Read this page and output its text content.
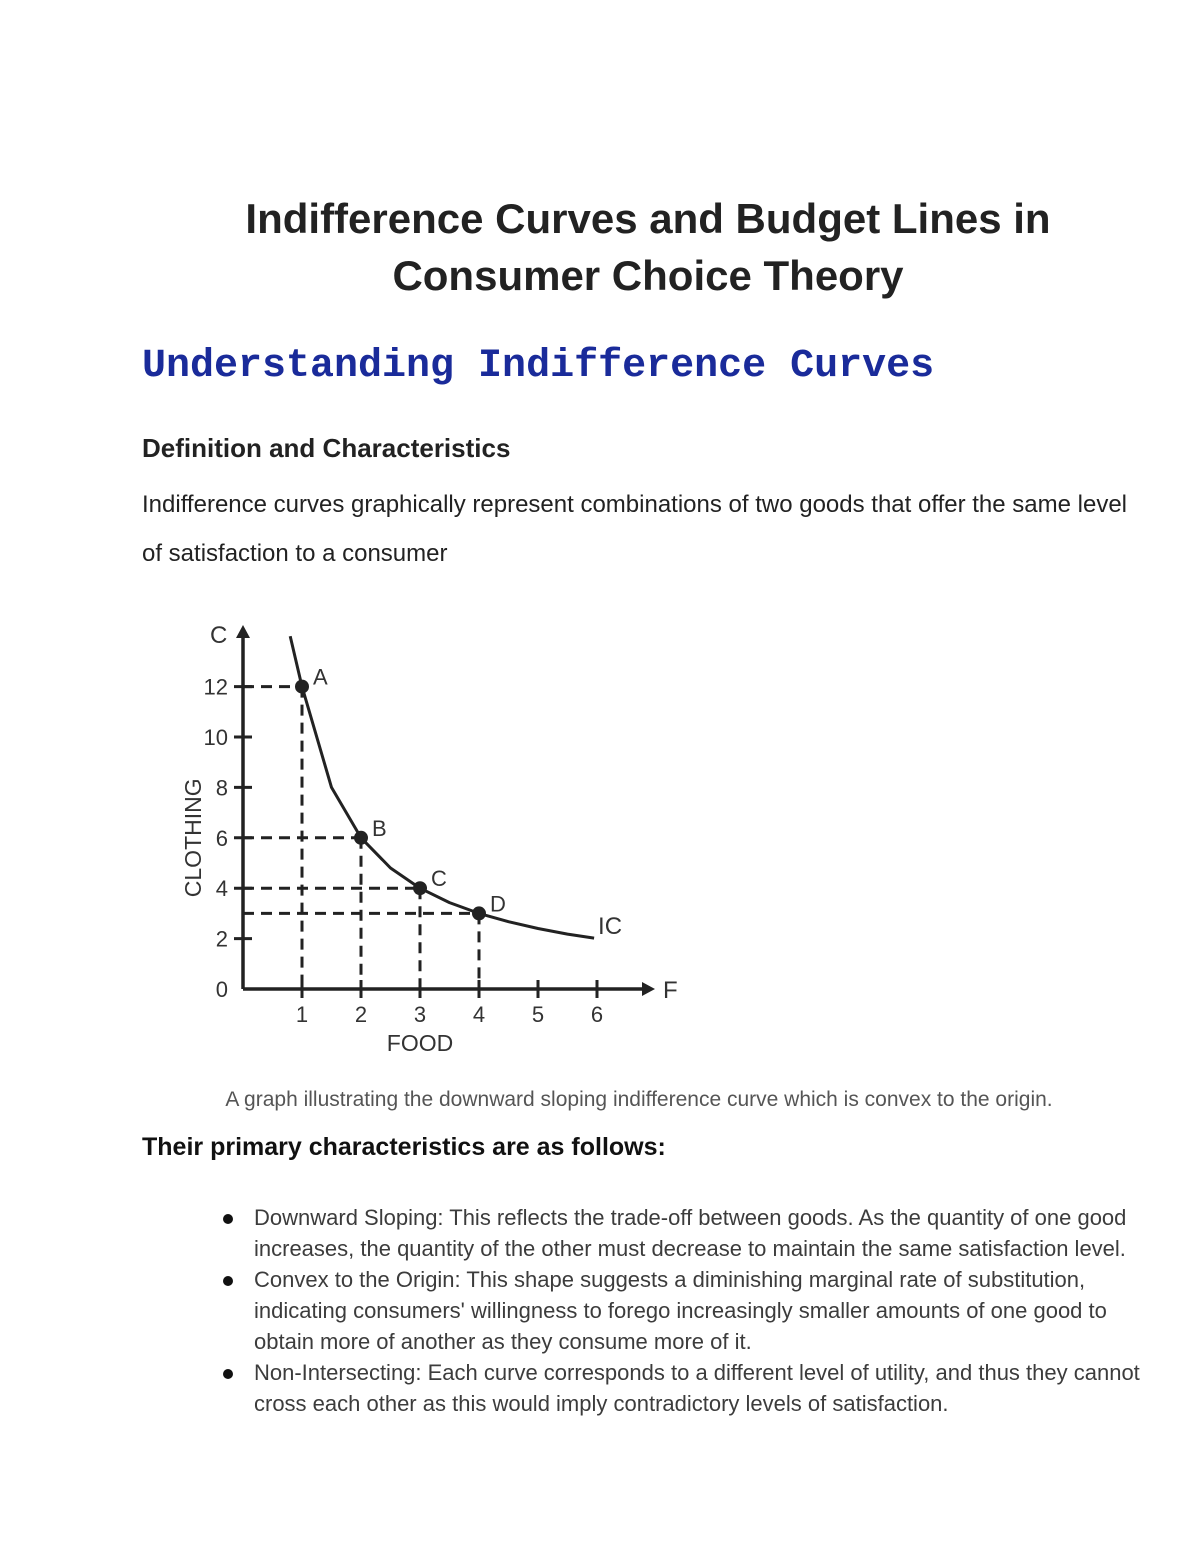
Indifference Curves and Budget Lines in
Consumer Choice Theory
Understanding Indifference Curves
Definition and Characteristics

Indifference curves graphically represent combinations of two goods that offer the same level of satisfaction to a consumer

F
C
1 2 3 4 5 6
0
2
4
6
8
10
12
FOOD
CLOTHING
A
B
C
D
IC

A graph illustrating the downward sloping indifference curve which is convex to the origin.

Their primary characteristics are as follows:
Downward Sloping: This reflects the trade-off between goods. As the quantity of one good increases, the quantity of the other must decrease to maintain the same satisfaction level.
Convex to the Origin: This shape suggests a diminishing marginal rate of substitution, indicating consumers' willingness to forego increasingly smaller amounts of one good to obtain more of another as they consume more of it.
Non-Intersecting: Each curve corresponds to a different level of utility, and thus they cannot cross each other as this would imply contradictory levels of satisfaction.
